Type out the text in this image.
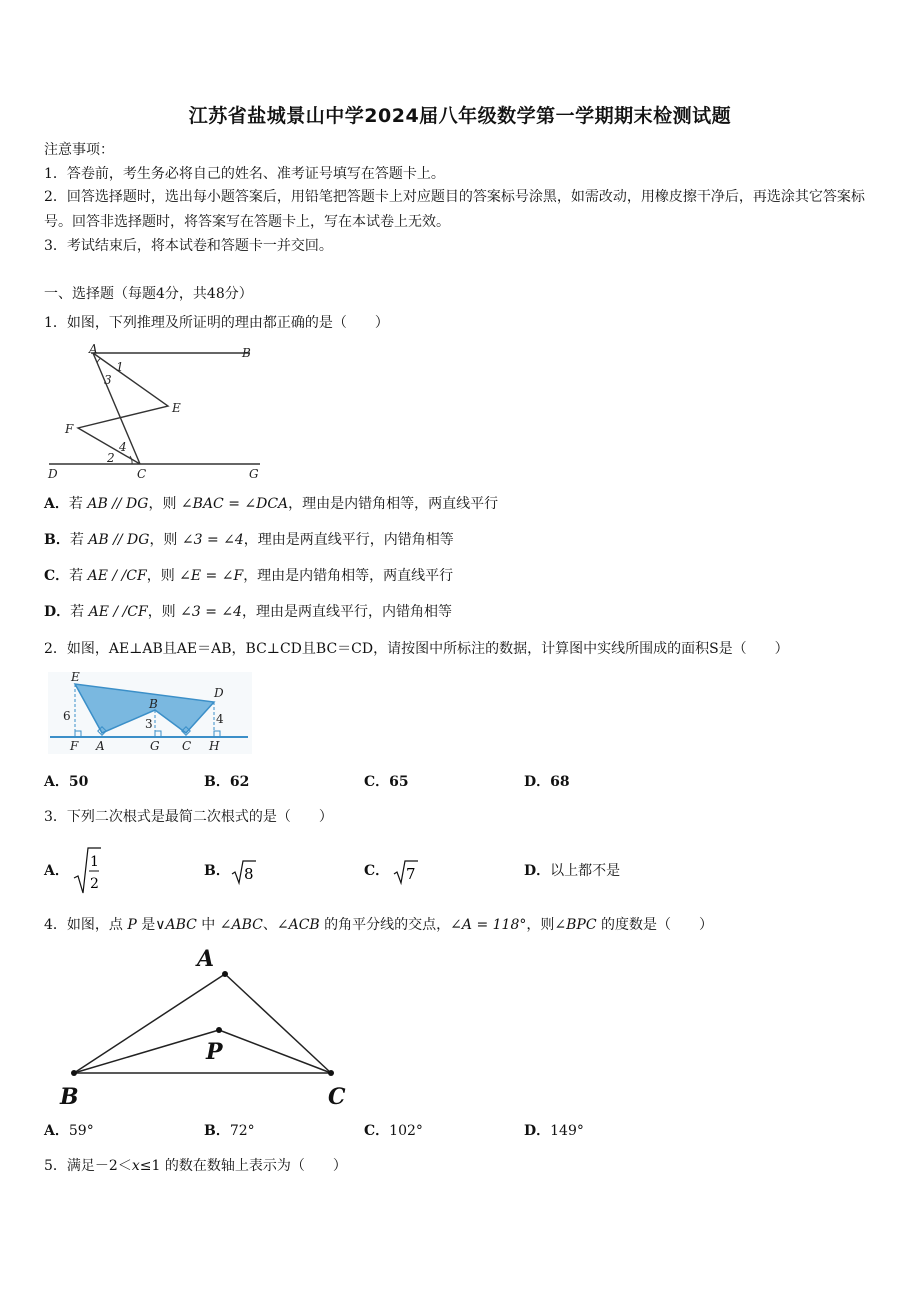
江苏省盐城景山中学2024届八年级数学第一学期期末检测试题
注意事项：
1．答卷前，考生务必将自己的姓名、准考证号填写在答题卡上。
2．回答选择题时，选出每小题答案后，用铅笔把答题卡上对应题目的答案标号涂黑，如需改动，用橡皮擦干净后，再选涂其它答案标号。回答非选择题时，将答案写在答题卡上，写在本试卷上无效。
3．考试结束后，将本试卷和答题卡一并交回。
一、选择题（每题4分，共48分）
1．如图，下列推理及所证明的理由都正确的是（　　）
A	B
1
3
E
F
4
2
D	C	G
A．若 AB // DG，则 ∠BAC = ∠DCA，理由是内错角相等，两直线平行
B．若 AB // DG，则 ∠3 = ∠4，理由是两直线平行，内错角相等
C．若 AE / /CF，则 ∠E = ∠F，理由是内错角相等，两直线平行
D．若 AE / /CF，则 ∠3 = ∠4，理由是两直线平行，内错角相等
2．如图，AE⊥AB且AE＝AB，BC⊥CD且BC＝CD，请按图中所标注的数据，计算图中实线所围成的面积S是（　　）
E
D
B
6
3	4
F A	G C H
A．50	B．62	C．65	D．68
3．下列二次根式是最简二次根式的是（　　）
A．
1
2
B． 8	C． 7	D．以上都不是
4．如图，点 P 是∨ABC 中 ∠ABC、∠ACB 的角平分线的交点，∠A = 118°，则∠BPC 的度数是（　　）
A
P
B	C
A．59°	B．72°	C．102°	D．149°
5．满足－2＜x≤1 的数在数轴上表示为（　　）
